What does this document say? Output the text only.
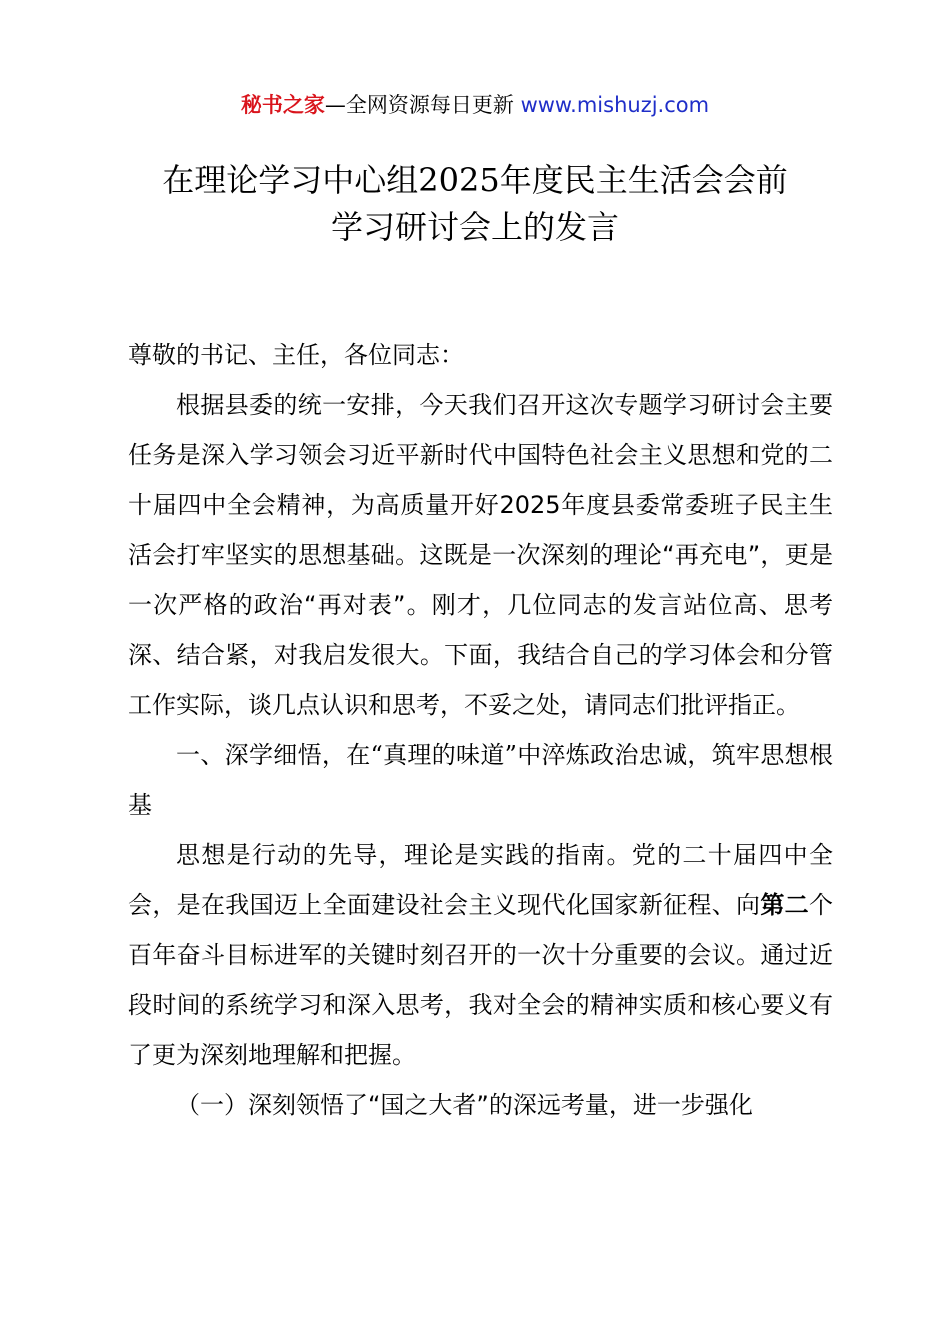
秘书之家—全网资源每日更新 www.mishuzj.com
在理论学习中心组2025年度民主生活会会前
学习研讨会上的发言

尊敬的书记、主任，各位同志：

根据县委的统一安排，今天我们召开这次专题学习研讨会主要任务是深入学习领会习近平新时代中国特色社会主义思想和党的二十届四中全会精神，为高质量开好2025年度县委常委班子民主生活会打牢坚实的思想基础。这既是一次深刻的理论“再充电”，更是一次严格的政治“再对表”。刚才，几位同志的发言站位高、思考深、结合紧，对我启发很大。下面，我结合自己的学习体会和分管工作实际，谈几点认识和思考，不妥之处，请同志们批评指正。

一、深学细悟，在“真理的味道”中淬炼政治忠诚，筑牢思想根基

思想是行动的先导，理论是实践的指南。党的二十届四中全会，是在我国迈上全面建设社会主义现代化国家新征程、向第二个百年奋斗目标进军的关键时刻召开的一次十分重要的会议。通过近段时间的系统学习和深入思考，我对全会的精神实质和核心要义有了更为深刻地理解和把握。

（一）深刻领悟了“国之大者”的深远考量，进一步强化
